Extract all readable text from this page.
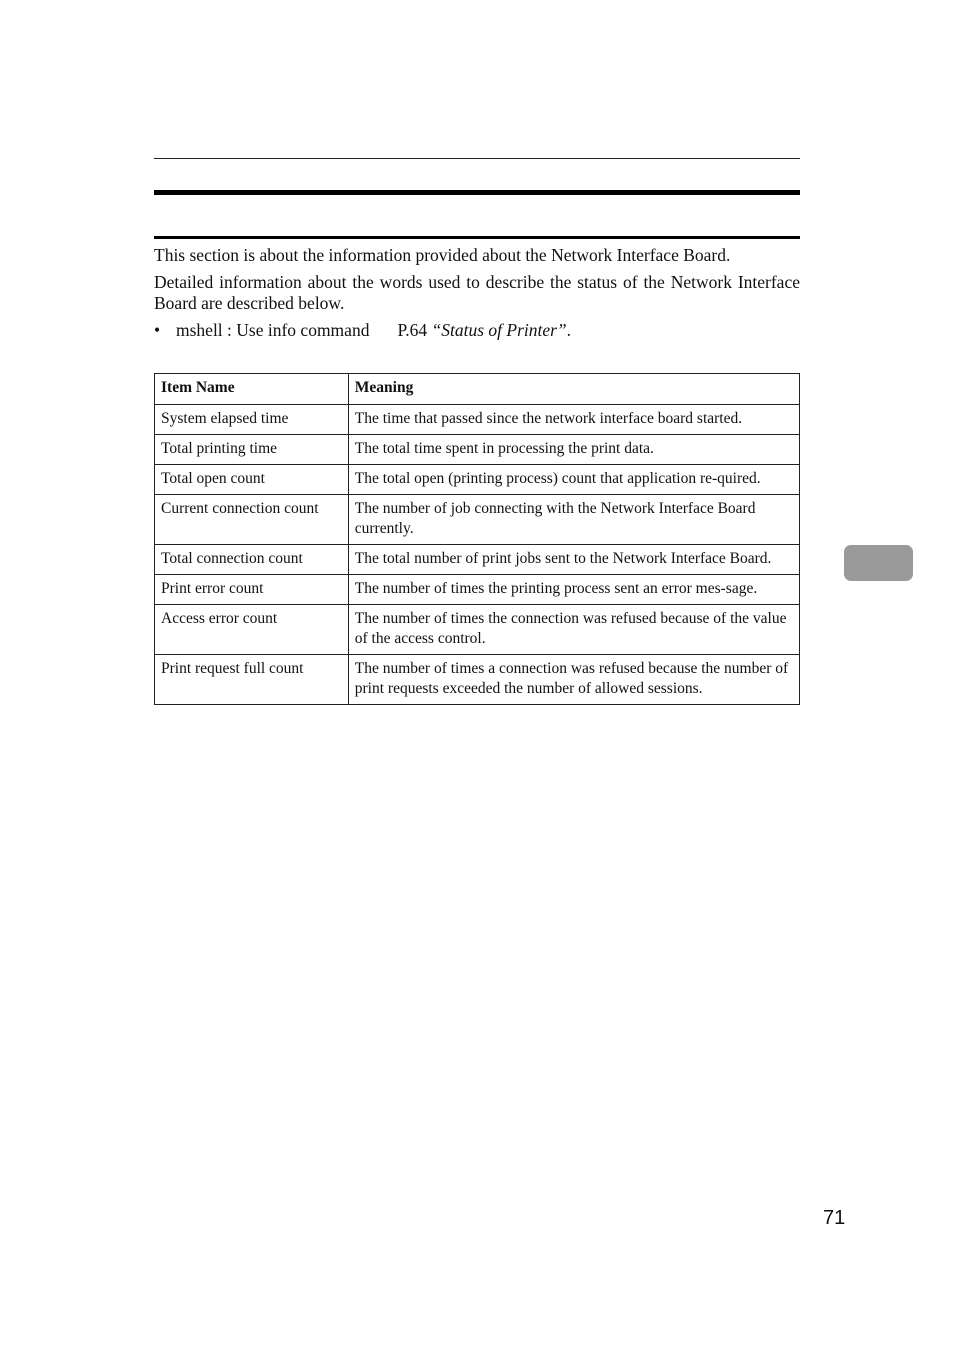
This section is about the information provided about the Network Interface Board.

Detailed information about the words used to describe the status of the Network Interface Board are described below.

• mshell : Use info command P.64 “Status of Printer”.
Item Name	Meaning
System elapsed time	The time that passed since the network interface board started.
Total printing time	The total time spent in processing the print data.
Total open count	The total open (printing process) count that application re-quired.
Current connection count	The number of job connecting with the Network Interface Board currently.
Total connection count	The total number of print jobs sent to the Network Interface Board.
Print error count	The number of times the printing process sent an error mes-sage.
Access error count	The number of times the connection was refused because of the value of the access control.
Print request full count	The number of times a connection was refused because the number of print requests exceeded the number of allowed sessions.
71
